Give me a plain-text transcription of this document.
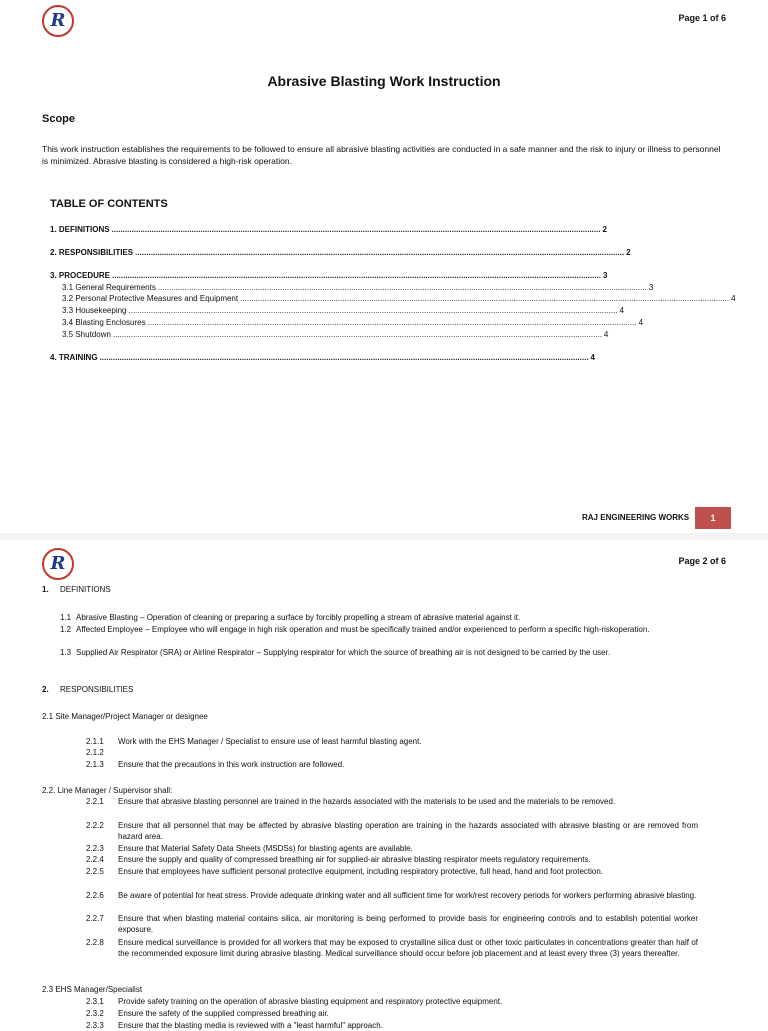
R	Page 1 of 6
Abrasive Blasting Work Instruction
Scope
This work instruction establishes the requirements to be followed to ensure all abrasive blasting activities are conducted in a safe manner and the risk to injury or illness to personnel is minimized. Abrasive blasting is considered a high-risk operation.
TABLE OF CONTENTS
1. DEFINITIONS .....	2
2. RESPONSIBILITIES .....	2
3. PROCEDURE .....	3
3.1 General Requirements .....	3
3.2 Personal Protective Measures and Equipment .....	4
3.3 Housekeeping .....	4
3.4 Blasting Enclosures .....	4
3.5 Shutdown .....	4
4. TRAINING .....	4
RAJ ENGINEERING WORKS	1
R	Page 2 of 6
1. DEFINITIONS
1.1 Abrasive Blasting – Operation of cleaning or preparing a surface by forcibly propelling a stream of abrasive material against it.
1.2 Affected Employee – Employee who will engage in high risk operation and must be specifically trained and/or experienced to perform a specific high-riskoperation.
1.3 Supplied Air Respirator (SRA) or Airline Respirator – Supplying respirator for which the source of breathing air is not designed to be carried by the user.
2. RESPONSIBILITIES
2.1 Site Manager/Project Manager or designee
2.1.1 Work with the EHS Manager / Specialist to ensure use of least harmful blasting agent.
2.1.2
2.1.3 Ensure that the precautions in this work instruction are followed.
2.2. Line Manager / Supervisor shall:
2.2.1 Ensure that abrasive blasting personnel are trained in the hazards associated with the materials to be used and the materials to be removed.
2.2.2 Ensure that all personnel that may be affected by abrasive blasting operation are training in the hazards associated with abrasive blasting or are removed from hazard area.
2.2.3 Ensure that Material Safety Data Sheets (MSDSs) for blasting agents are available.
2.2.4 Ensure the supply and quality of compressed breathing air for supplied-air abrasive blasting respirator meets regulatory requirements.
2.2.5 Ensure that employees have sufficient personal protective equipment, including respiratory protective, full head, hand and foot protection.
2.2.6 Be aware of potential for heat stress. Provide adequate drinking water and all sufficient time for work/rest recovery periods for workers performing abrasive blasting.
2.2.7 Ensure that when blasting material contains silica, air monitoring is being performed to provide basis for engineering controls and to establish potential worker exposure.
2.2.8 Ensure medical surveillance is provided for all workers that may be exposed to crystalline silica dust or other toxic particulates in concentrations greater than half of the recommended exposure limit during abrasive blasting. Medical surveillance should occur before job placement and at least every three (3) years thereafter.
2.3 EHS Manager/Specialist
2.3.1 Provide safety training on the operation of abrasive blasting equipment and respiratory protective equipment.
2.3.2 Ensure the safety of the supplied compressed breathing air.
2.3.3 Ensure that the blasting media is reviewed with a "least harmful" approach.
